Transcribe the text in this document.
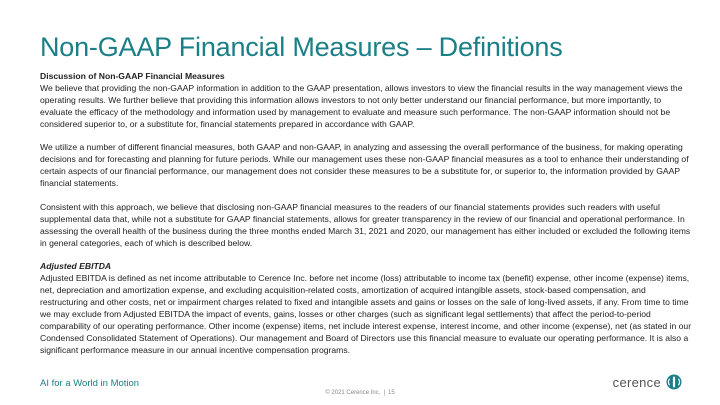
Non-GAAP Financial Measures – Definitions

Discussion of Non-GAAP Financial Measures
We believe that providing the non-GAAP information in addition to the GAAP presentation, allows investors to view the financial results in the way management views the operating results. We further believe that providing this information allows investors to not only better understand our financial performance, but more importantly, to evaluate the efficacy of the methodology and information used by management to evaluate and measure such performance. The non-GAAP information should not be considered superior to, or a substitute for, financial statements prepared in accordance with GAAP.

We utilize a number of different financial measures, both GAAP and non-GAAP, in analyzing and assessing the overall performance of the business, for making operating decisions and for forecasting and planning for future periods. While our management uses these non-GAAP financial measures as a tool to enhance their understanding of certain aspects of our financial performance, our management does not consider these measures to be a substitute for, or superior to, the information provided by GAAP financial statements.

Consistent with this approach, we believe that disclosing non-GAAP financial measures to the readers of our financial statements provides such readers with useful supplemental data that, while not a substitute for GAAP financial statements, allows for greater transparency in the review of our financial and operational performance. In assessing the overall health of the business during the three months ended March 31, 2021 and 2020, our management has either included or excluded the following items in general categories, each of which is described below.

Adjusted EBITDA
Adjusted EBITDA is defined as net income attributable to Cerence Inc. before net income (loss) attributable to income tax (benefit) expense, other income (expense) items, net, depreciation and amortization expense, and excluding acquisition-related costs, amortization of acquired intangible assets, stock-based compensation, and restructuring and other costs, net or impairment charges related to fixed and intangible assets and gains or losses on the sale of long-lived assets, if any. From time to time we may exclude from Adjusted EBITDA the impact of events, gains, losses or other charges (such as significant legal settlements) that affect the period-to-period comparability of our operating performance. Other income (expense) items, net include interest expense, interest income, and other income (expense), net (as stated in our Condensed Consolidated Statement of Operations). Our management and Board of Directors use this financial measure to evaluate our operating performance. It is also a significant performance measure in our annual incentive compensation programs.

AI for a World in Motion
© 2021 Cerence Inc. | 15
cerence
